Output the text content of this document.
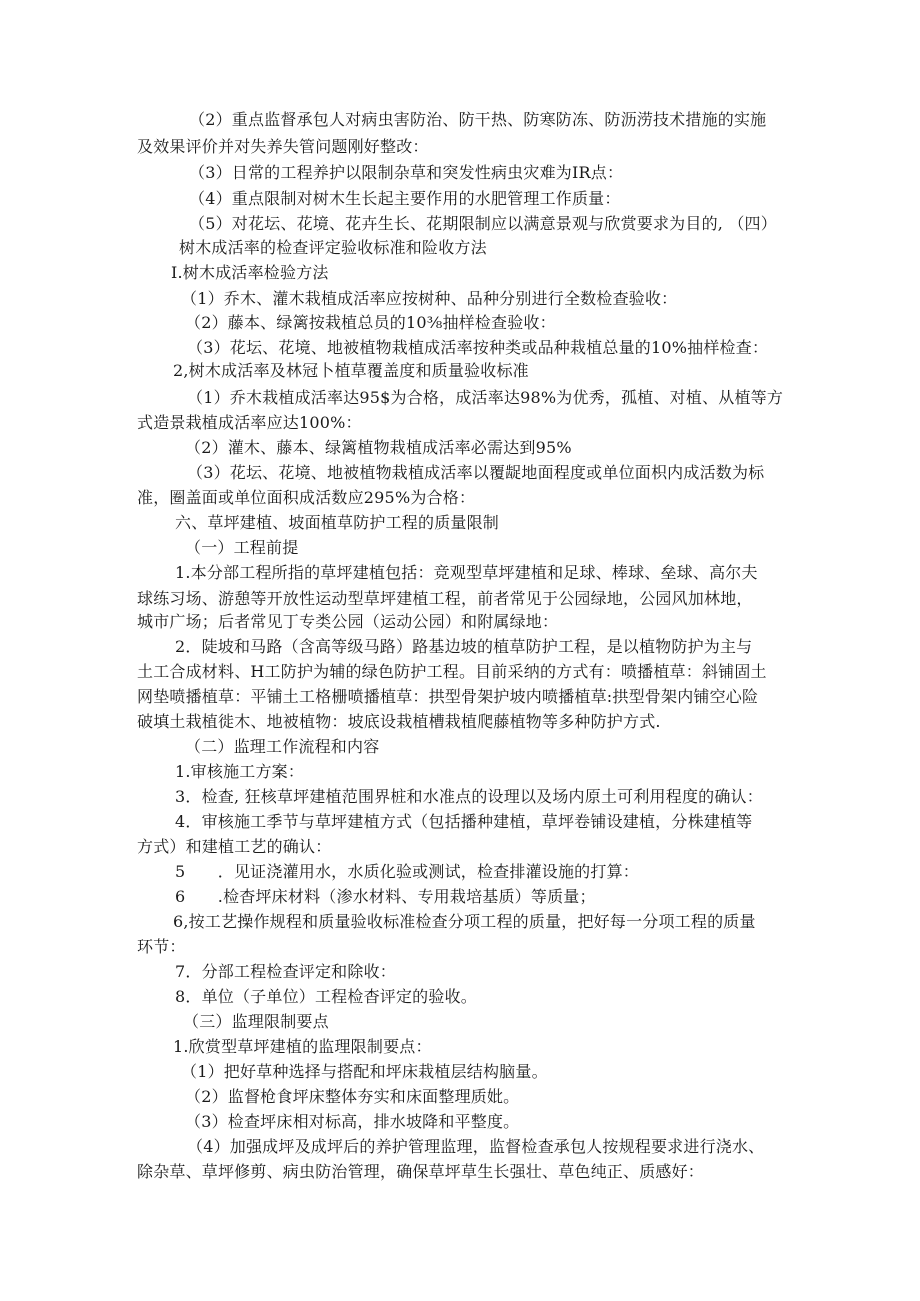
（2）重点监督承包人对病虫害防治、防干热、防寒防冻、防沥涝技术措施的实施
及效果评价并对失养失管问题刚好整改：
（3）日常的工程养护以限制杂草和突发性病虫灾难为IR点：
（4）重点限制对树木生长起主要作用的水肥管理工作质量：
（5）对花坛、花境、花卉生长、花期限制应以满意景观与欣赏要求为目的, （四）
树木成活率的检查评定验收标准和险收方法
I.树木成活率检验方法
（1）乔木、灌木栽植成活率应按树种、品种分别进行全数检查验收：
（2）藤本、绿篱按栽植总员的10⅜抽样检查验收：
（3）花坛、花境、地被植物栽植成活率按种类或品种栽植总量的10%抽样检查：
2,树木成活率及林冠卜植草覆盖度和质量验收标准
（1）乔木栽植成活率达95$为合格，成活率达98%为优秀，孤植、对植、从植等方
式造景栽植成活率应达100%：
（2）灌木、藤本、绿篱植物栽植成活率必需达到95%
（3）花坛、花境、地被植物栽植成活率以覆龊地面程度或单位面枳内成活数为标
准，圈盖面或单位面积成活数应295%为合格：
六、草坪建植、坡面植草防护工程的质量限制
（一）工程前提
1.本分部工程所指的草坪建植包括：竞观型草坪建植和足球、棒球、垒球、高尔夫
球练习场、游憩等开放性运动型草坪建植工程，前者常见于公园绿地，公园风加林地，
城市广场；后者常见丁专类公园（运动公园）和附属绿地：
2．陡坡和马路（含高等级马路）路基边坡的植草防护工程，是以植物防护为主与
土工合成材料、H工防护为辅的绿色防护工程。目前采纳的方式有：喷播植草：斜铺固土
网垫喷播植草：平铺土工格栅喷播植草：拱型骨架护坡内喷播植草:拱型骨架内铺空心险
破填土栽植徙木、地被植物：坡底设栽植槽栽植爬藤植物等多种防护方式.
（二）监理工作流程和内容
1.审核施工方案：
3．检查, 狂核草坪建植范围界桩和水准点的设理以及场内原土可利用程度的确认：
4．审核施工季节与草坪建植方式（包括播种建植，草坪卷铺设建植，分株建植等
方式）和建植工艺的确认：
5　　．见证浇灌用水，水质化验或测试，检查排灌设施的打算：
6　　.检杳坪床材料（渗水材料、专用栽培基质）等质量；
6,按工艺操作规程和质量验收标准检查分项工程的质量，把好每一分项工程的质量
环节：
7．分部工程检查评定和除收：
8．单位（子单位）工程检杳评定的验收。
（三）监理限制要点
1.欣赏型草坪建植的监理限制要点：
（1）把好草种选择与搭配和坪床栽植层结构脑量。
（2）监督枪食坪床整体夯实和床面整理质妣。
（3）检查坪床相对标高，排水坡降和平整度。
（4）加强成坪及成坪后的养护管理监理，监督检查承包人按规程要求进行浇水、
除杂草、草坪修剪、病虫防治管理，确保草坪草生长强壮、草色纯正、质感好：
